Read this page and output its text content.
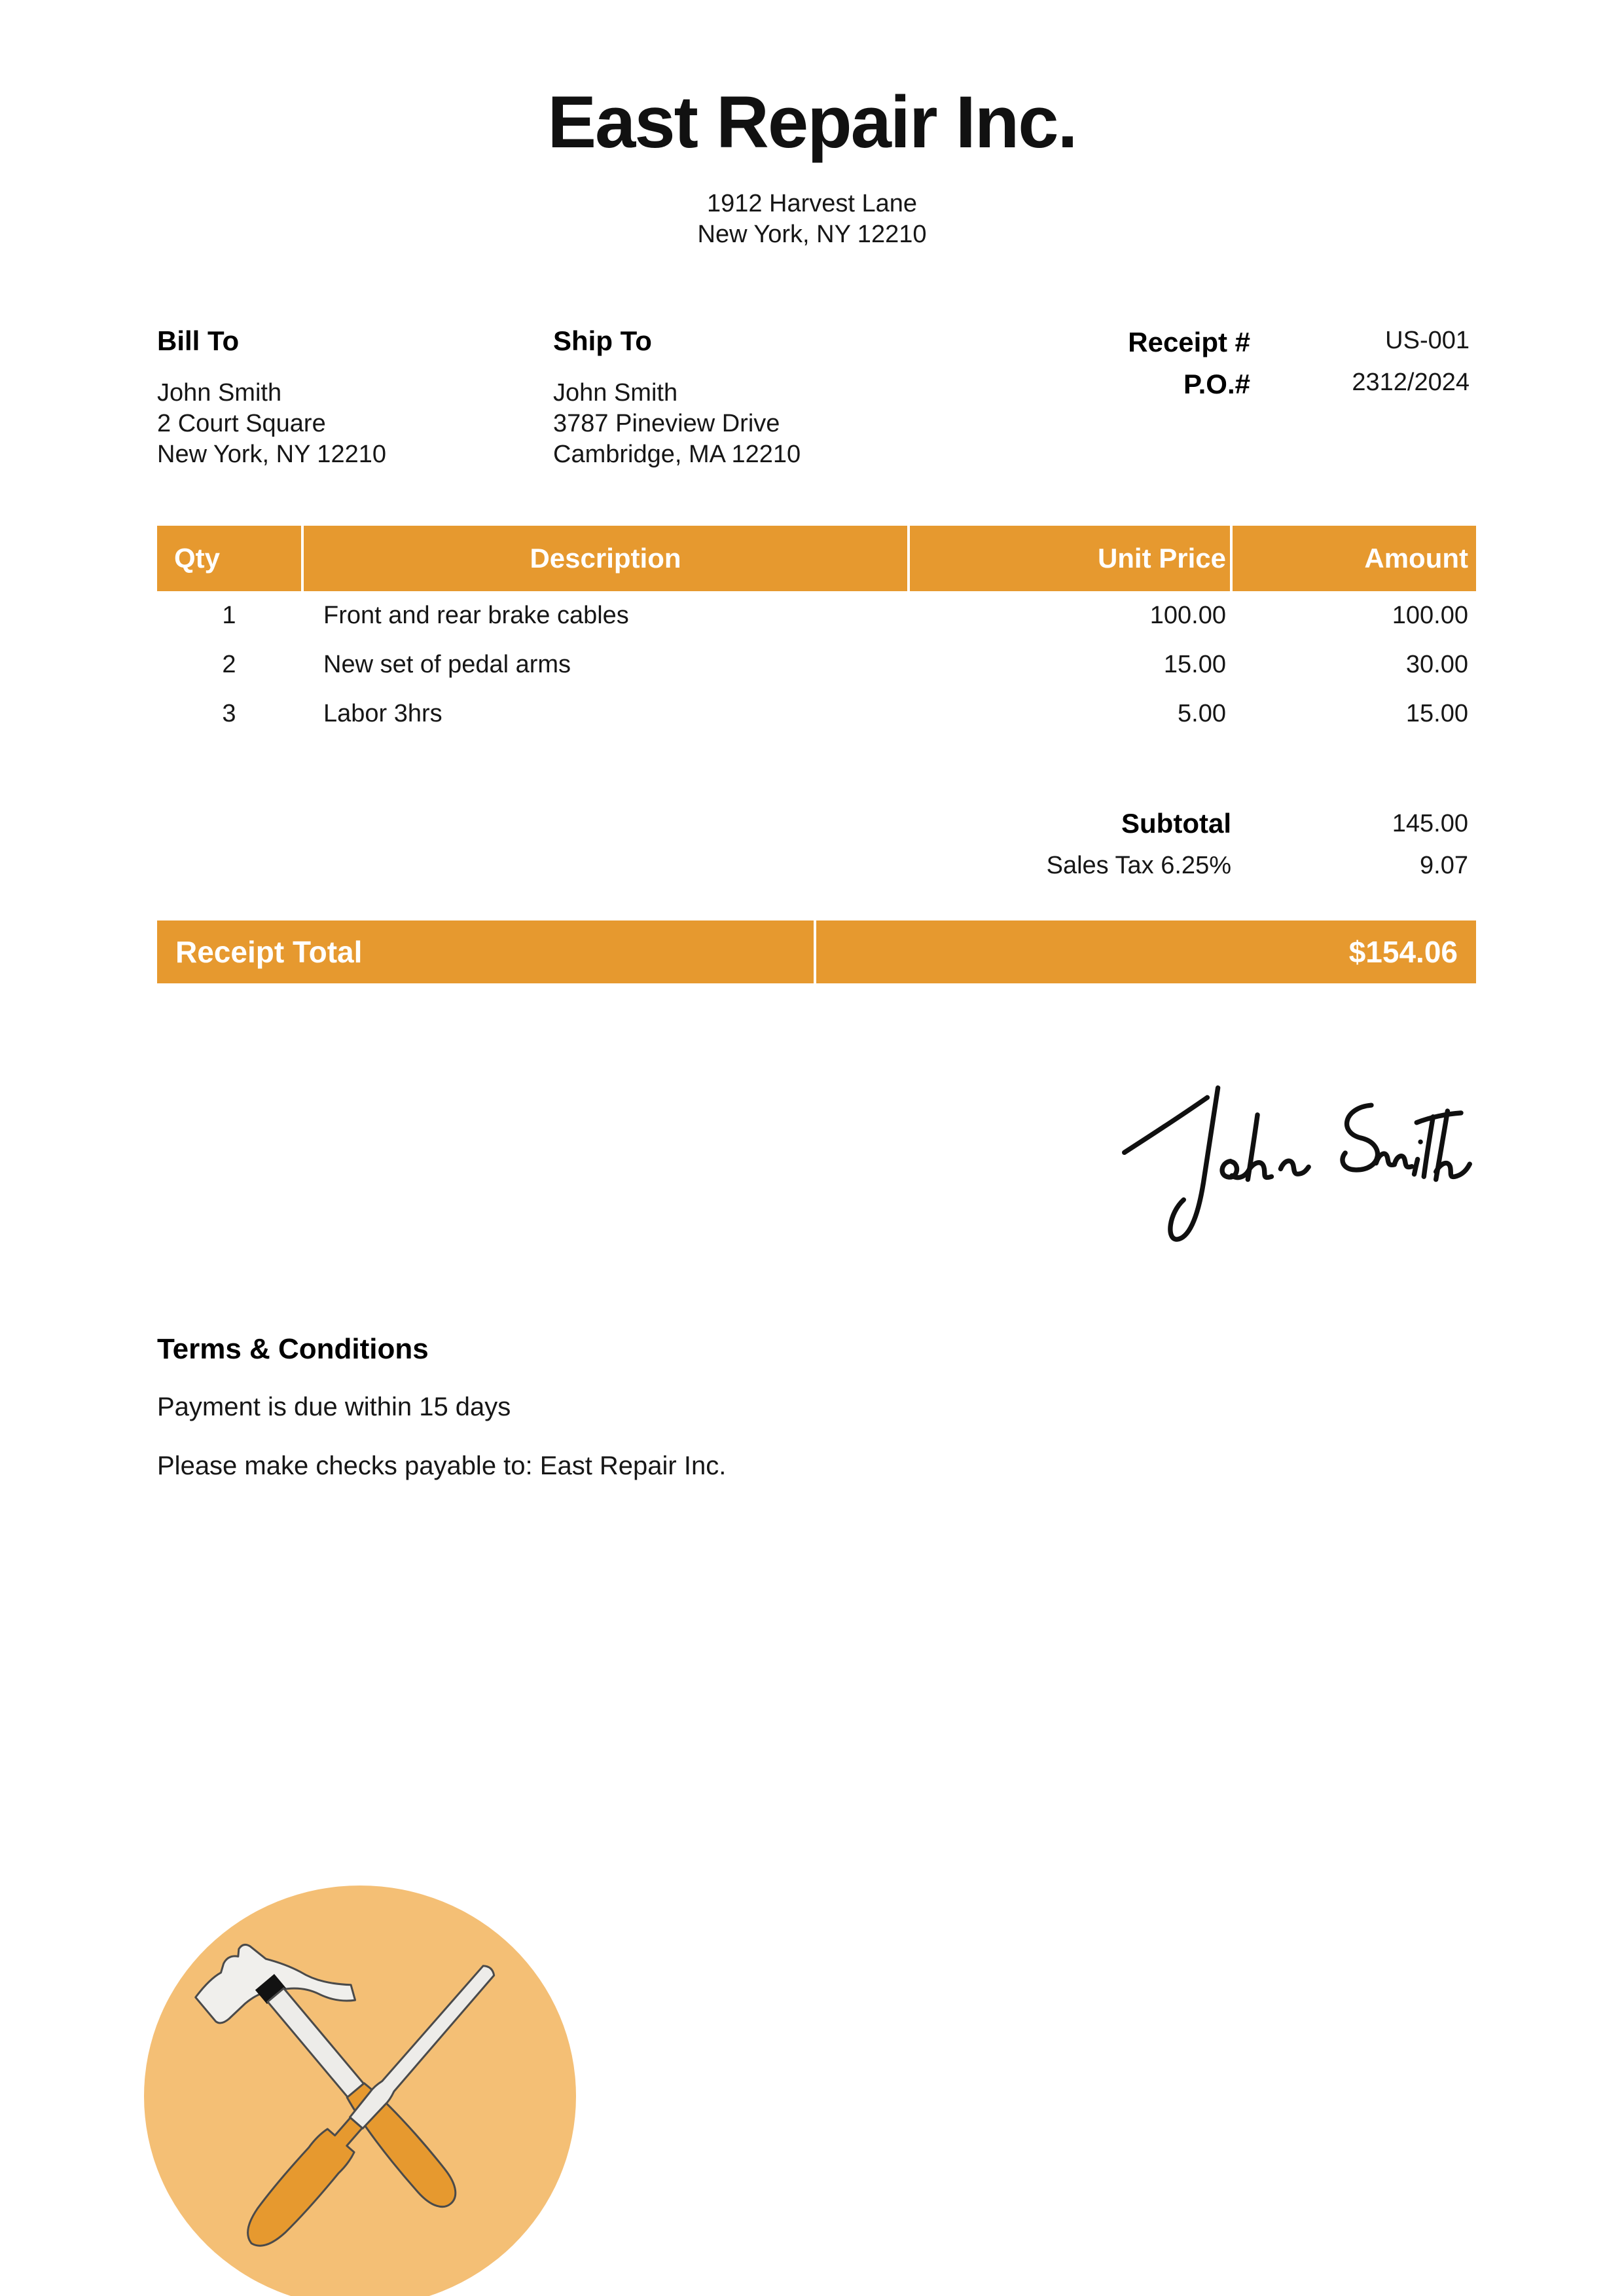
East Repair Inc.
1912 Harvest Lane
New York, NY 12210
Bill To	Ship To
John Smith
2 Court Square
New York, NY 12210
John Smith
3787 Pineview Drive
Cambridge, MA 12210
Receipt #	US-001
P.O.#	2312/2024
Qty	Description	Unit Price	Amount
1	Front and rear brake cables	100.00	100.00
2	New set of pedal arms	15.00	30.00
3	Labor 3hrs	5.00	15.00
Subtotal	145.00
Sales Tax 6.25%	9.07
Receipt Total	$154.06
Terms & Conditions
Payment is due within 15 days
Please make checks payable to: East Repair Inc.
